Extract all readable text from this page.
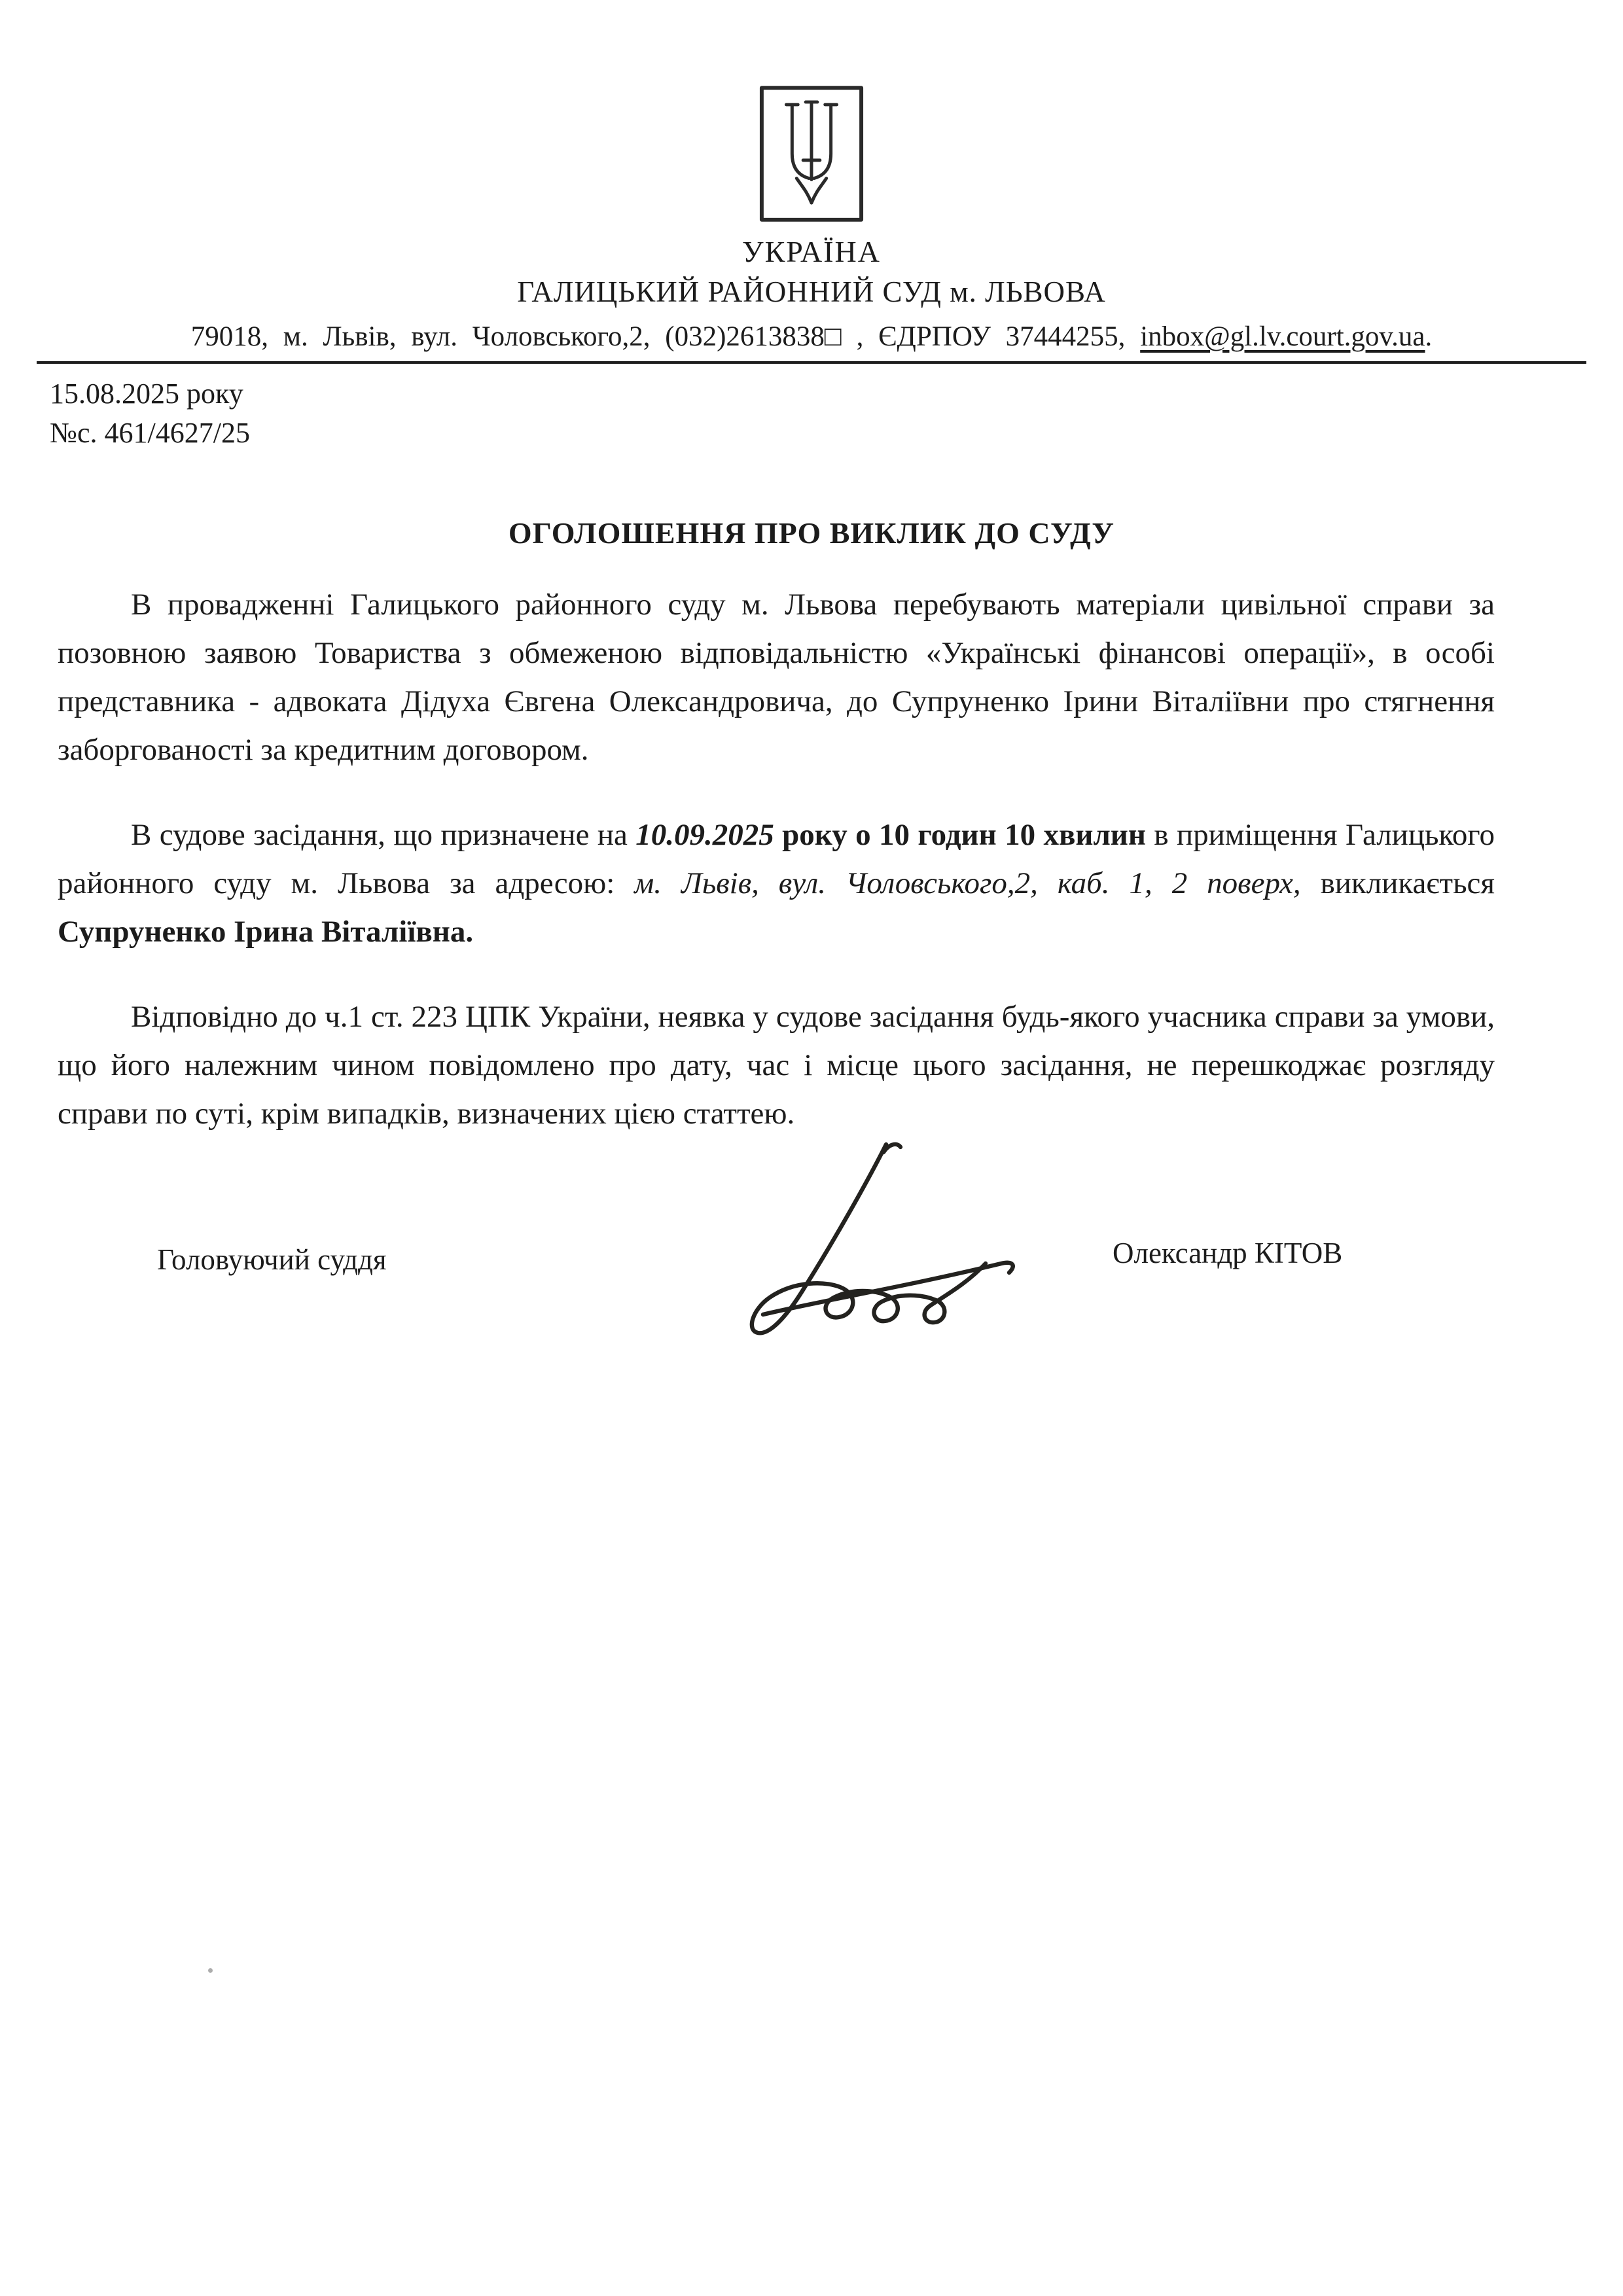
УКРАЇНА
ГАЛИЦЬКИЙ РАЙОННИЙ СУД м. ЛЬВОВА
79018, м. Львів, вул. Чоловського,2, (032)2613838□ , ЄДРПОУ 37444255, inbox@gl.lv.court.gov.ua.
15.08.2025 року
№с. 461/4627/25
ОГОЛОШЕННЯ ПРО ВИКЛИК ДО СУДУ

В провадженні Галицького районного суду м. Львова перебувають матеріали цивільної справи за позовною заявою Товариства з обмеженою відповідальністю «Українські фінансові операції», в особі представника - адвоката Дідуха Євгена Олександровича, до Супруненко Ірини Віталіївни про стягнення заборгованості за кредитним договором.

В судове засідання, що призначене на 10.09.2025 року о 10 годин 10 хвилин в приміщення Галицького районного суду м. Львова за адресою: м. Львів, вул. Чоловського,2, каб. 1, 2 поверх, викликається Супруненко Ірина Віталіївна.

Відповідно до ч.1 ст. 223 ЦПК України, неявка у судове засідання будь-якого учасника справи за умови, що його належним чином повідомлено про дату, час і місце цього засідання, не перешкоджає розгляду справи по суті, крім випадків, визначених цією статтею.

Головуючий суддя	Олександр КІТОВ
